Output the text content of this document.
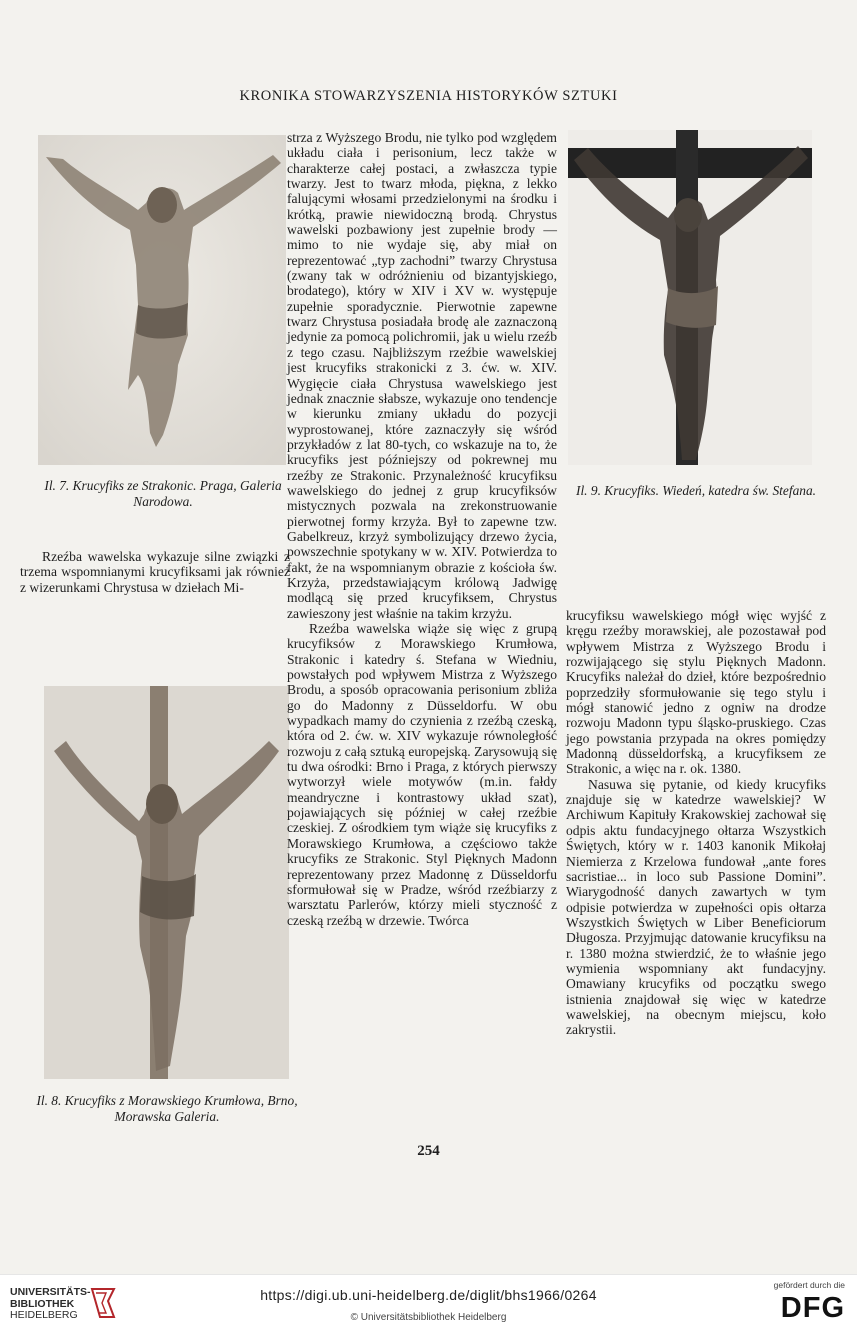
KRONIKA STOWARZYSZENIA HISTORYKÓW SZTUKI
Il. 7. Krucyfiks ze Strakonic. Praga, Galeria Narodowa.
Il. 8. Krucyfiks z Morawskiego Krumłowa, Brno, Morawska Galeria.
Il. 9. Krucyfiks. Wiedeń, katedra św. Stefana.

Rzeźba wawelska wykazuje silne związki z trzema wspomnianymi krucyfiksami jak również z wizerunkami Chrystusa w dziełach Mi-

strza z Wyższego Brodu, nie tylko pod względem układu ciała i perisonium, lecz także w charakterze całej postaci, a zwłaszcza typie twarzy. Jest to twarz młoda, piękna, z lekko falującymi włosami przedzielonymi na środku i krótką, prawie niewidoczną brodą. Chrystus wawelski pozbawiony jest zupełnie brody — mimo to nie wydaje się, aby miał on reprezentować „typ zachodni” twarzy Chrystusa (zwany tak w odróżnieniu od bizantyjskiego, brodatego), który w XIV i XV w. występuje zupełnie sporadycznie. Pierwotnie zapewne twarz Chrystusa posiadała brodę ale zaznaczoną jedynie za pomocą polichromii, jak u wielu rzeźb z tego czasu. Najbliższym rzeźbie wawelskiej jest krucyfiks strakonicki z 3. ćw. w. XIV. Wygięcie ciała Chrystusa wawelskiego jest jednak znacznie słabsze, wykazuje ono tendencje w kierunku zmiany układu do pozycji wyprostowanej, które zaznaczyły się wśród przykładów z lat 80-tych, co wskazuje na to, że krucyfiks jest późniejszy od pokrewnej mu rzeźby ze Strakonic. Przynależność krucyfiksu wawelskiego do jednej z grup krucyfiksów mistycznych pozwala na zrekonstruowanie pierwotnej formy krzyża. Był to zapewne tzw. Gabelkreuz, krzyż symbolizujący drzewo życia, powszechnie spotykany w w. XIV. Potwierdza to fakt, że na wspomnianym obrazie z kościoła św. Krzyża, przedstawiającym królową Jadwigę modlącą się przed krucyfiksem, Chrystus zawieszony jest właśnie na takim krzyżu.

Rzeźba wawelska wiąże się więc z grupą krucyfiksów z Morawskiego Krumłowa, Strakonic i katedry ś. Stefana w Wiedniu, powstałych pod wpływem Mistrza z Wyższego Brodu, a sposób opracowania perisonium zbliża go do Madonny z Düsseldorfu. W obu wypadkach mamy do czynienia z rzeźbą czeską, która od 2. ćw. w. XIV wykazuje równoległość rozwoju z całą sztuką europejską. Zarysowują się tu dwa ośrodki: Brno i Praga, z których pierwszy wytworzył wiele motywów (m.in. fałdy meandryczne i kontrastowy układ szat), pojawiających się później w całej rzeźbie czeskiej. Z ośrodkiem tym wiąże się krucyfiks z Morawskiego Krumłowa, a częściowo także krucyfiks ze Strakonic. Styl Pięknych Madonn reprezentowany przez Madonnę z Düsseldorfu sformułował się w Pradze, wśród rzeźbiarzy z warsztatu Parlerów, którzy mieli styczność z czeską rzeźbą w drzewie. Twórca

krucyfiksu wawelskiego mógł więc wyjść z kręgu rzeźby morawskiej, ale pozostawał pod wpływem Mistrza z Wyższego Brodu i rozwijającego się stylu Pięknych Madonn. Krucyfiks należał do dzieł, które bezpośrednio poprzedziły sformułowanie się tego stylu i mógł stanowić jedno z ogniw na drodze rozwoju Madonn typu śląsko-pruskiego. Czas jego powstania przypada na okres pomiędzy Madonną düsseldorfską, a krucyfiksem ze Strakonic, a więc na r. ok. 1380.

Nasuwa się pytanie, od kiedy krucyfiks znajduje się w katedrze wawelskiej? W Archiwum Kapituły Krakowskiej zachował się odpis aktu fundacyjnego ołtarza Wszystkich Świętych, który w r. 1403 kanonik Mikołaj Niemierza z Krzelowa fundował „ante fores sacristiae... in loco sub Passione Domini”. Wiarygodność danych zawartych w tym odpisie potwierdza w zupełności opis ołtarza Wszystkich Świętych w Liber Beneficiorum Długosza. Przyjmując datowanie krucyfiksu na r. 1380 można stwierdzić, że to właśnie jego wymienia wspomniany akt fundacyjny. Omawiany krucyfiks od początku swego istnienia znajdował się więc w katedrze wawelskiej, na obecnym miejscu, koło zakrystii.

254
UNIVERSITÄTS-
BIBLIOTHEK
HEIDELBERG
https://digi.ub.uni-heidelberg.de/diglit/bhs1966/0264
© Universitätsbibliothek Heidelberg
gefördert durch die
DFG
